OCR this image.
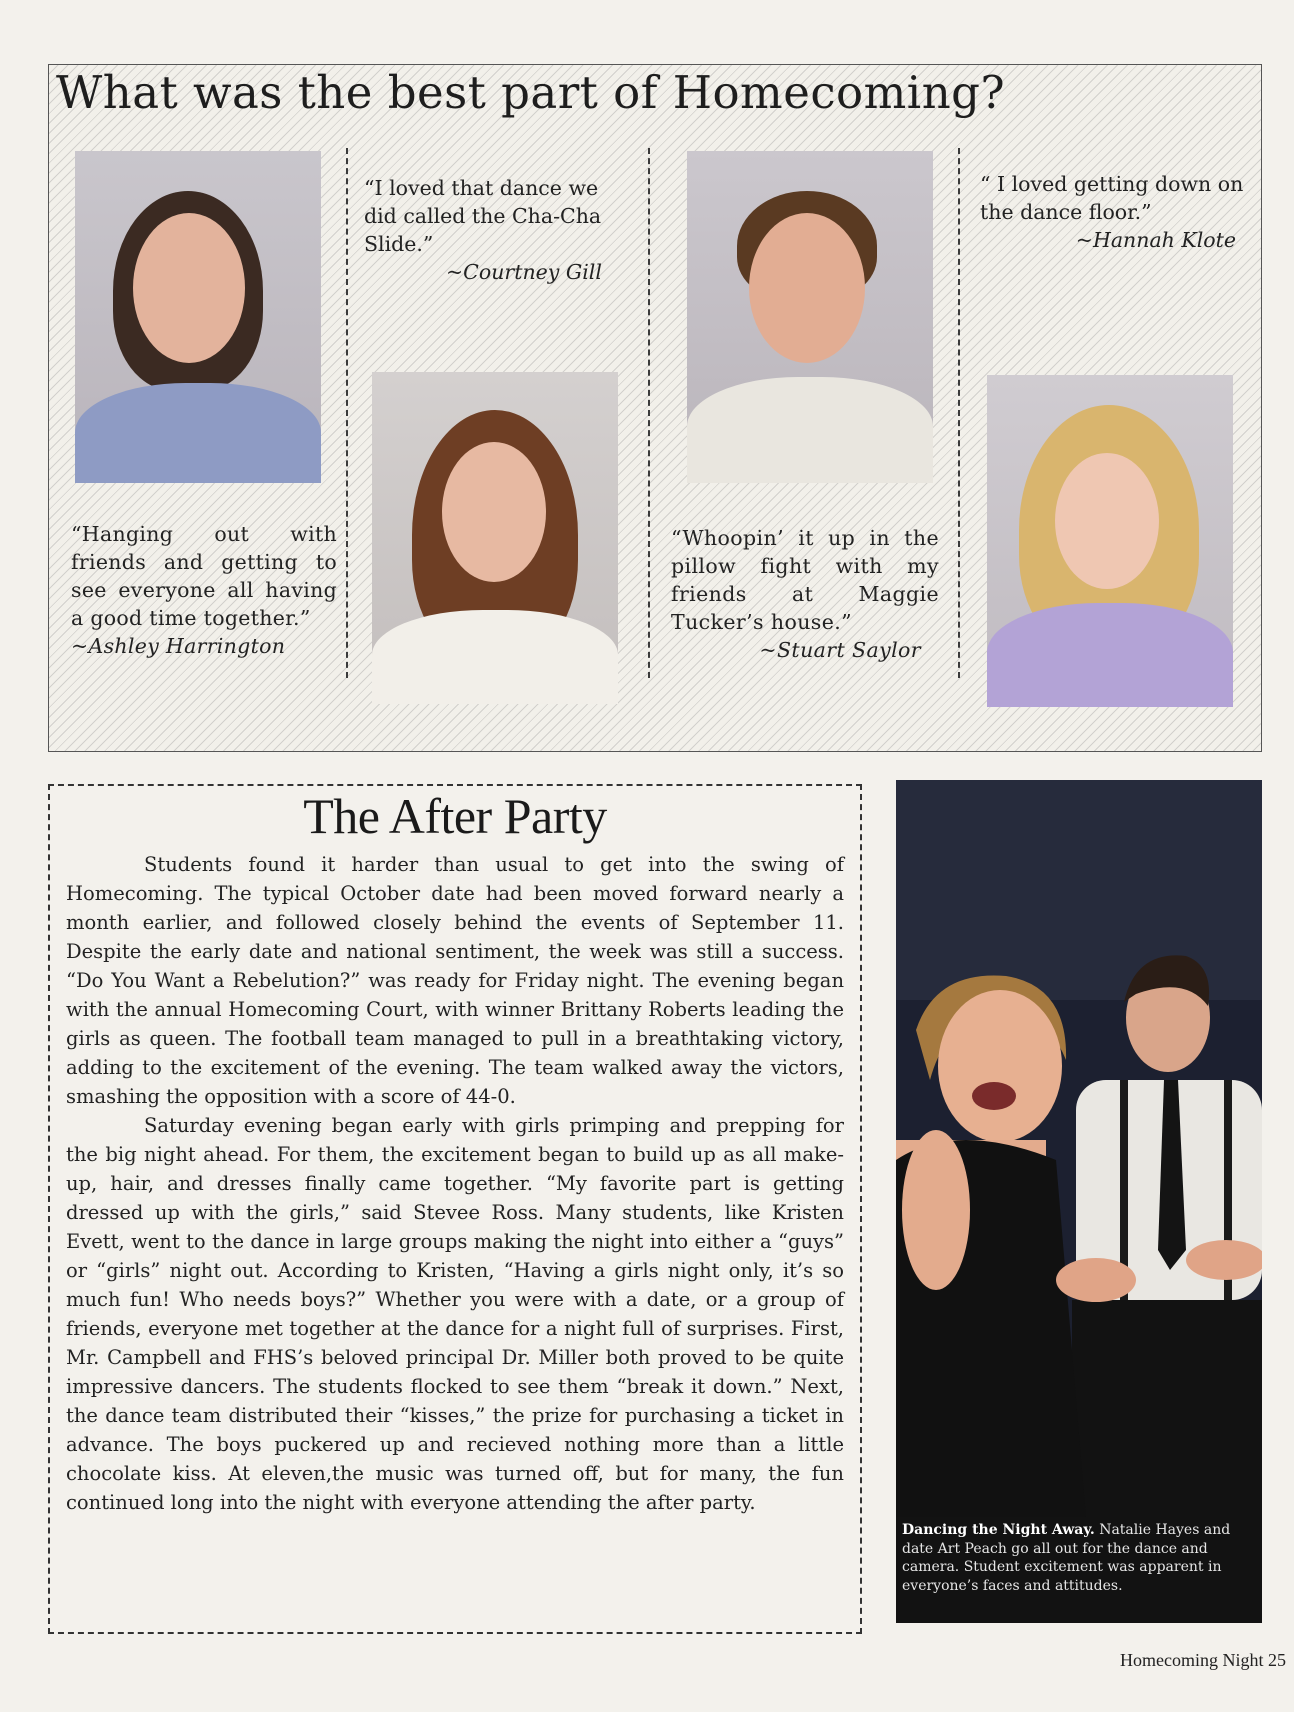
What was the best part of Homecoming?
“Hanging out with friends and getting to see everyone all having a good time together.”
~Ashley Harrington
“I loved that dance we did called the Cha-Cha Slide.”
~Courtney Gill
“Whoopin’ it up in the pillow fight with my friends at Maggie Tucker’s house.”
~Stuart Saylor
“ I loved getting down on the dance floor.”
~Hannah Klote
The After Party

Students found it harder than usual to get into the swing of Homecoming. The typical October date had been moved forward nearly a month earlier, and followed closely behind the events of September 11. Despite the early date and national sentiment, the week was still a success. “Do You Want a Rebelution?” was ready for Friday night. The evening began with the annual Homecoming Court, with winner Brittany Roberts leading the girls as queen. The football team managed to pull in a breathtaking victory, adding to the excitement of the evening. The team walked away the victors, smashing the opposition with a score of 44-0.

Saturday evening began early with girls primping and prepping for the big night ahead. For them, the excitement began to build up as all make-up, hair, and dresses finally came together. “My favorite part is getting dressed up with the girls,” said Stevee Ross. Many students, like Kristen Evett, went to the dance in large groups making the night into either a “guys” or “girls” night out. According to Kristen, “Having a girls night only, it’s so much fun! Who needs boys?” Whether you were with a date, or a group of friends, everyone met together at the dance for a night full of surprises. First, Mr. Campbell and FHS’s beloved principal Dr. Miller both proved to be quite impressive dancers. The students flocked to see them “break it down.” Next, the dance team distributed their “kisses,” the prize for purchasing a ticket in advance. The boys puckered up and recieved nothing more than a little chocolate kiss. At eleven,the music was turned off, but for many, the fun continued long into the night with everyone attending the after party.

Dancing the Night Away. Natalie Hayes and date Art Peach go all out for the dance and camera. Student excitement was apparent in everyone’s faces and attitudes.
Homecoming Night 25
